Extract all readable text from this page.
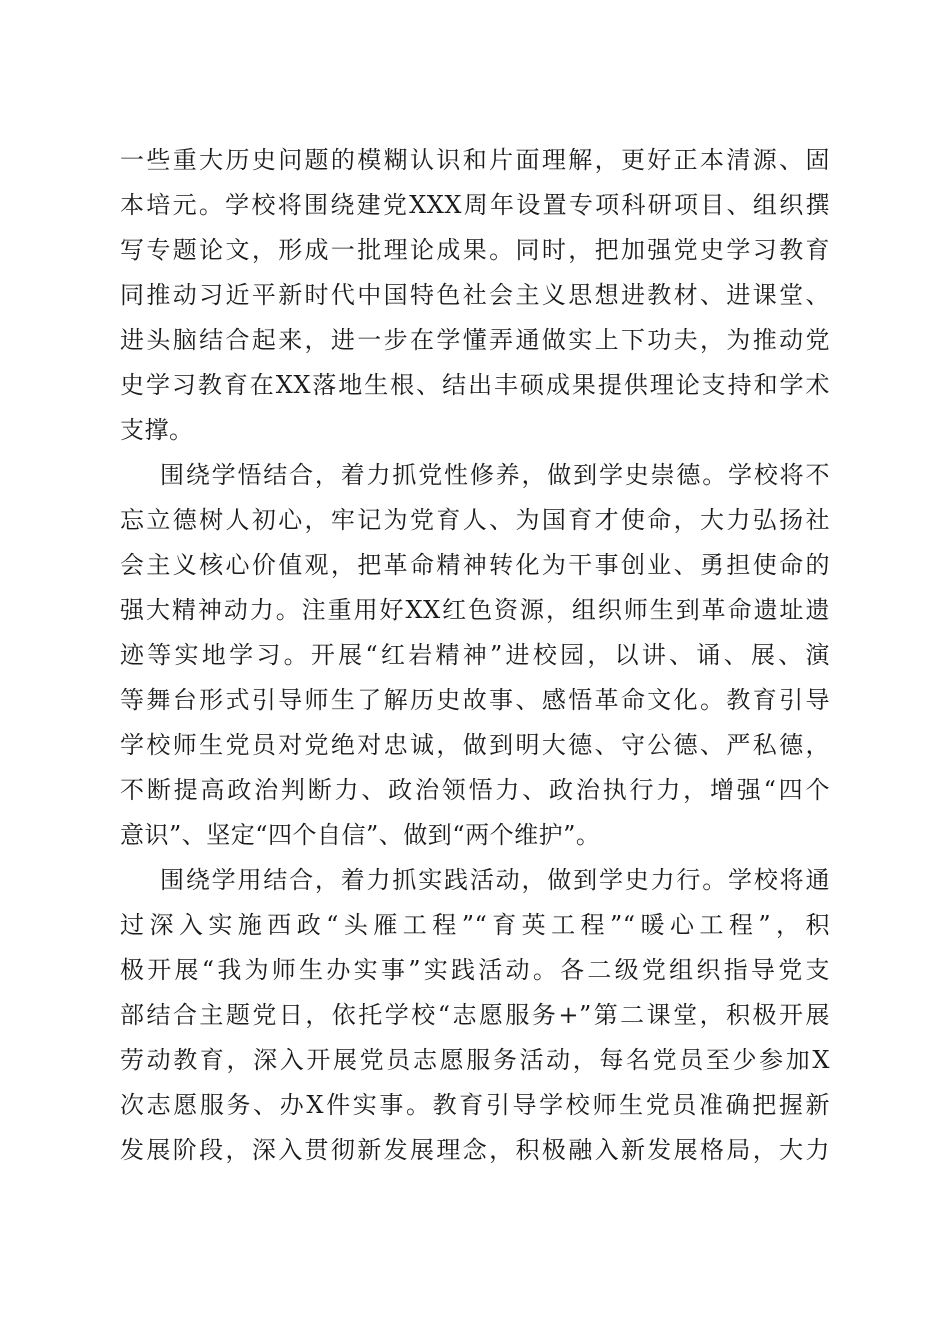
一些重大历史问题的模糊认识和片面理解，更好正本清源、固
本培元。学校将围绕建党XXX周年设置专项科研项目、组织撰
写专题论文，形成一批理论成果。同时，把加强党史学习教育
同推动习近平新时代中国特色社会主义思想进教材、进课堂、
进头脑结合起来，进一步在学懂弄通做实上下功夫，为推动党
史学习教育在XX落地生根、结出丰硕成果提供理论支持和学术
支撑。
围绕学悟结合，着力抓党性修养，做到学史崇德。学校将不
忘立德树人初心，牢记为党育人、为国育才使命，大力弘扬社
会主义核心价值观，把革命精神转化为干事创业、勇担使命的
强大精神动力。注重用好XX红色资源，组织师生到革命遗址遗
迹等实地学习。开展“红岩精神”进校园，以讲、诵、展、演
等舞台形式引导师生了解历史故事、感悟革命文化。教育引导
学校师生党员对党绝对忠诚，做到明大德、守公德、严私德，
不断提高政治判断力、政治领悟力、政治执行力，增强“四个
意识”、坚定“四个自信”、做到“两个维护”。
围绕学用结合，着力抓实践活动，做到学史力行。学校将通
过深入实施西政“头雁工程”“育英工程”“暖心工程”，积
极开展“我为师生办实事”实践活动。各二级党组织指导党支
部结合主题党日，依托学校“志愿服务+”第二课堂，积极开展
劳动教育，深入开展党员志愿服务活动，每名党员至少参加X
次志愿服务、办X件实事。教育引导学校师生党员准确把握新
发展阶段，深入贯彻新发展理念，积极融入新发展格局，大力
